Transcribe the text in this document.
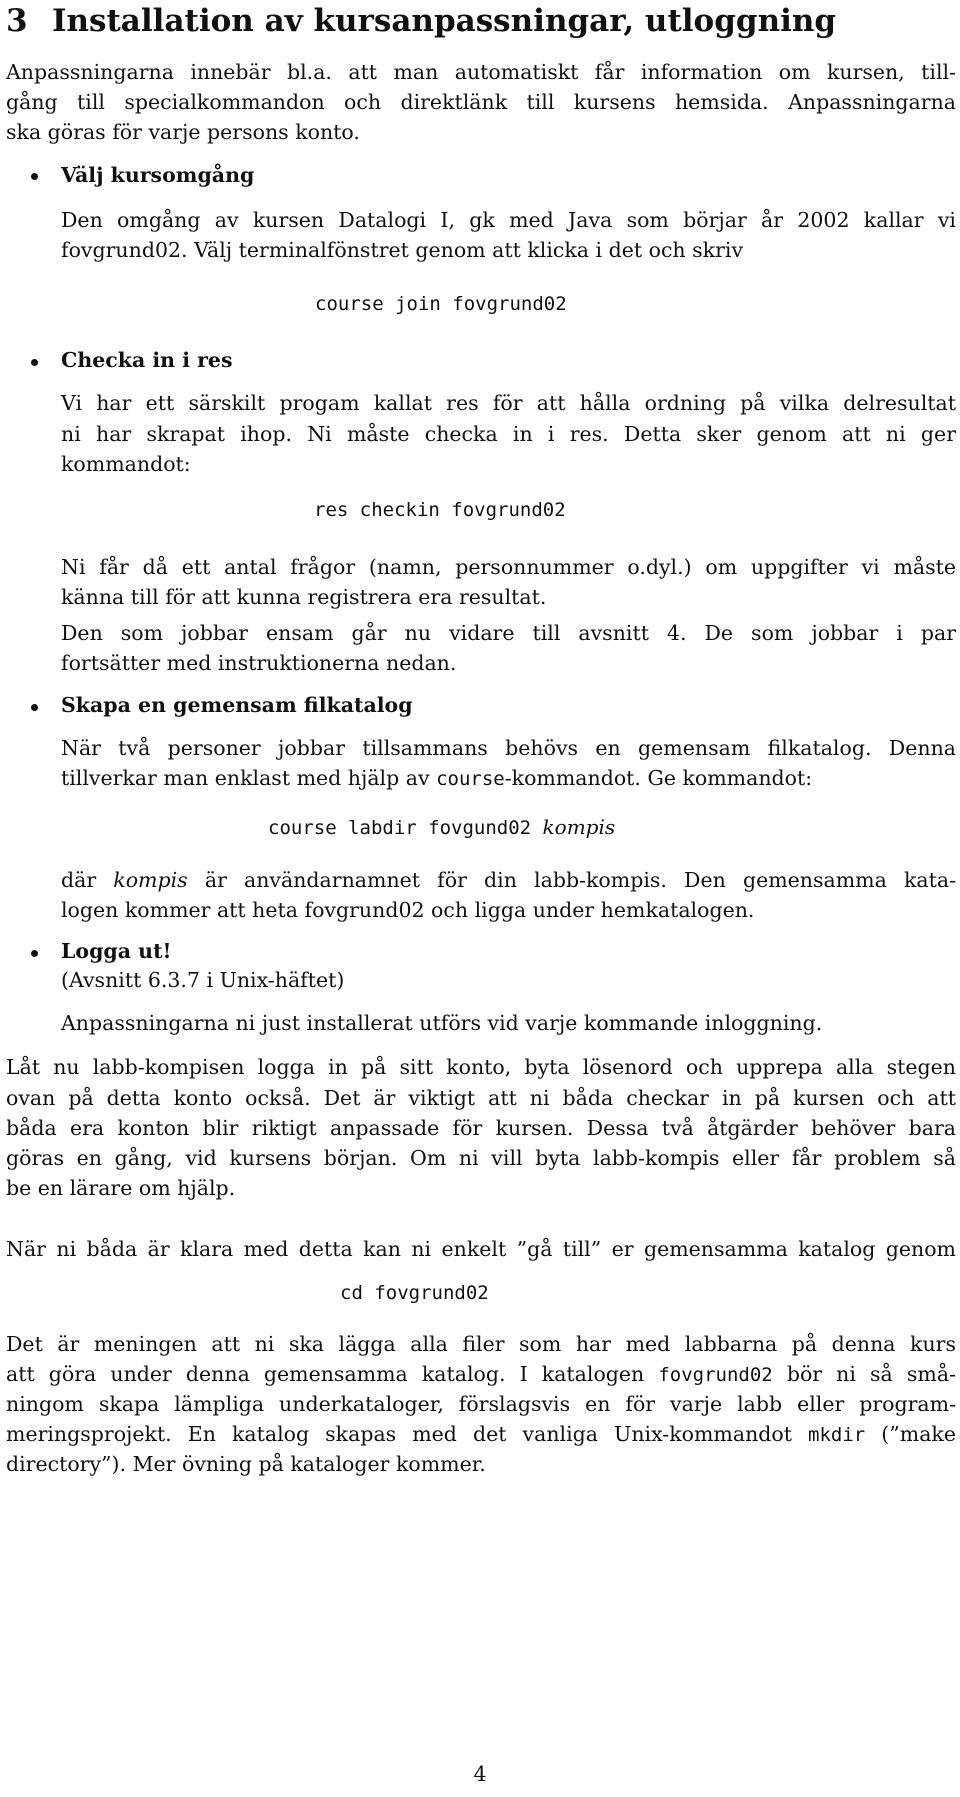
3 Installation av kursanpassningar, utloggning
Anpassningarna innebär bl.a. att man automatiskt får information om kursen, till-
gång till specialkommandon och direktlänk till kursens hemsida. Anpassningarna
ska göras för varje persons konto.
Välj kursomgång
Den omgång av kursen Datalogi I, gk med Java som börjar år 2002 kallar vi
fovgrund02. Välj terminalfönstret genom att klicka i det och skriv
course join fovgrund02
Checka in i res
Vi har ett särskilt progam kallat res för att hålla ordning på vilka delresultat
ni har skrapat ihop. Ni måste checka in i res. Detta sker genom att ni ger
kommandot:
res checkin fovgrund02
Ni får då ett antal frågor (namn, personnummer o.dyl.) om uppgifter vi måste
känna till för att kunna registrera era resultat.
Den som jobbar ensam går nu vidare till avsnitt 4. De som jobbar i par
fortsätter med instruktionerna nedan.
Skapa en gemensam filkatalog
När två personer jobbar tillsammans behövs en gemensam filkatalog. Denna
tillverkar man enklast med hjälp av course-kommandot. Ge kommandot:
course labdir fovgund02 kompis
där kompis är användarnamnet för din labb-kompis. Den gemensamma kata-
logen kommer att heta fovgrund02 och ligga under hemkatalogen.
Logga ut!
(Avsnitt 6.3.7 i Unix-häftet)
Anpassningarna ni just installerat utförs vid varje kommande inloggning.
Låt nu labb-kompisen logga in på sitt konto, byta lösenord och upprepa alla stegen
ovan på detta konto också. Det är viktigt att ni båda checkar in på kursen och att
båda era konton blir riktigt anpassade för kursen. Dessa två åtgärder behöver bara
göras en gång, vid kursens början. Om ni vill byta labb-kompis eller får problem så
be en lärare om hjälp.
När ni båda är klara med detta kan ni enkelt ”gå till” er gemensamma katalog genom
cd fovgrund02
Det är meningen att ni ska lägga alla filer som har med labbarna på denna kurs
att göra under denna gemensamma katalog. I katalogen fovgrund02 bör ni så små-
ningom skapa lämpliga underkataloger, förslagsvis en för varje labb eller program-
meringsprojekt. En katalog skapas med det vanliga Unix-kommandot mkdir (”make
directory”). Mer övning på kataloger kommer.
4
